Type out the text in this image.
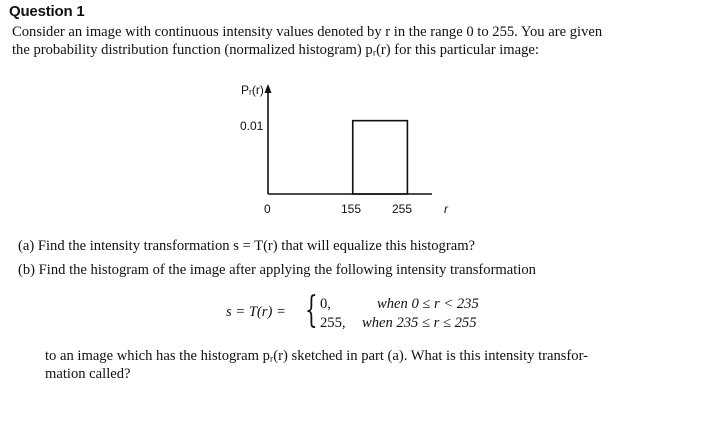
Question 1
Consider an image with continuous intensity values denoted by r in the range 0 to 255. You are given
the probability distribution function (normalized histogram) pᵣ(r) for this particular image:
Pᵣ(r)
0.01
0	155	255	r
(a) Find the intensity transformation s = T(r) that will equalize this histogram?
(b) Find the histogram of the image after applying the following intensity transformation
s = T(r) = { 0,	when 0 ≤ r < 235
255, when 235 ≤ r ≤ 255
to an image which has the histogram pᵣ(r) sketched in part (a). What is this intensity transfor-
mation called?
